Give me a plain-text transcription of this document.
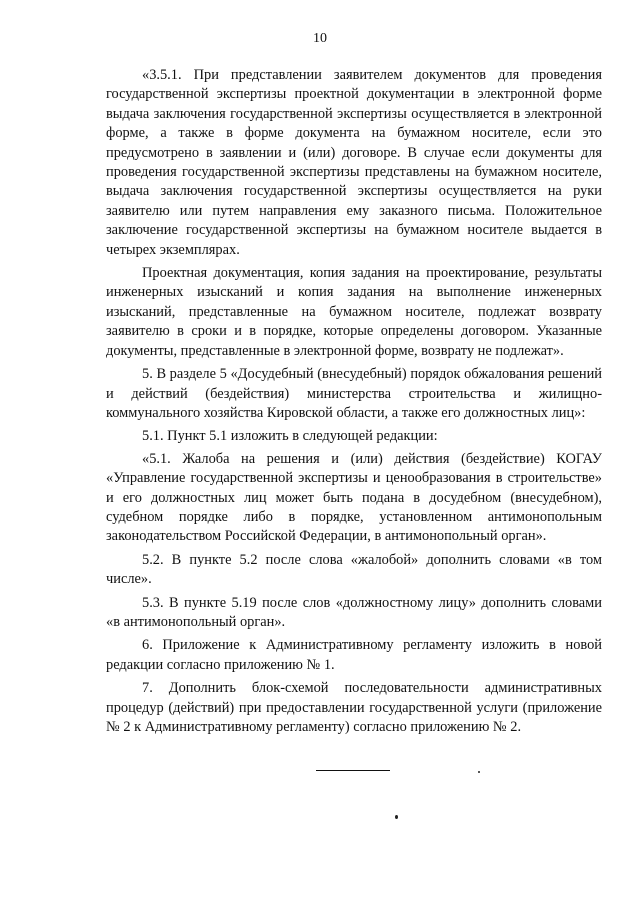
10

«3.5.1. При представлении заявителем документов для проведения государственной экспертизы проектной документации в электронной форме выдача заключения государственной экспертизы осуществляется в электронной форме, а также в форме документа на бумажном носителе, если это предусмотрено в заявлении и (или) договоре. В случае если документы для проведения государственной экспертизы представлены на бумажном носителе, выдача заключения государственной экспертизы осуществляется на руки заявителю или путем направления ему заказного письма. Положительное заключение государственной экспертизы на бумажном носителе выдается в четырех экземплярах.

Проектная документация, копия задания на проектирование, результаты инженерных изысканий и копия задания на выполнение инженерных изысканий, представленные на бумажном носителе, подлежат возврату заявителю в сроки и в порядке, которые определены договором. Указанные документы, представленные в электронной форме, возврату не подлежат».

5. В разделе 5 «Досудебный (внесудебный) порядок обжалования решений и действий (бездействия) министерства строительства и жилищно-коммунального хозяйства Кировской области, а также его должностных лиц»:

5.1. Пункт 5.1 изложить в следующей редакции:

«5.1. Жалоба на решения и (или) действия (бездействие) КОГАУ «Управление государственной экспертизы и ценообразования в строительстве» и его должностных лиц может быть подана в досудебном (внесудебном), судебном порядке либо в порядке, установленном антимонопольным законодательством Российской Федерации, в антимонопольный орган».

5.2. В пункте 5.2 после слова «жалобой» дополнить словами «в том числе».

5.3. В пункте 5.19 после слов «должностному лицу» дополнить словами «в антимонопольный орган».

6. Приложение к Административному регламенту изложить в новой редакции согласно приложению № 1.

7. Дополнить блок-схемой последовательности административных процедур (действий) при предоставлении государственной услуги (приложение № 2 к Административному регламенту) согласно приложению № 2.
